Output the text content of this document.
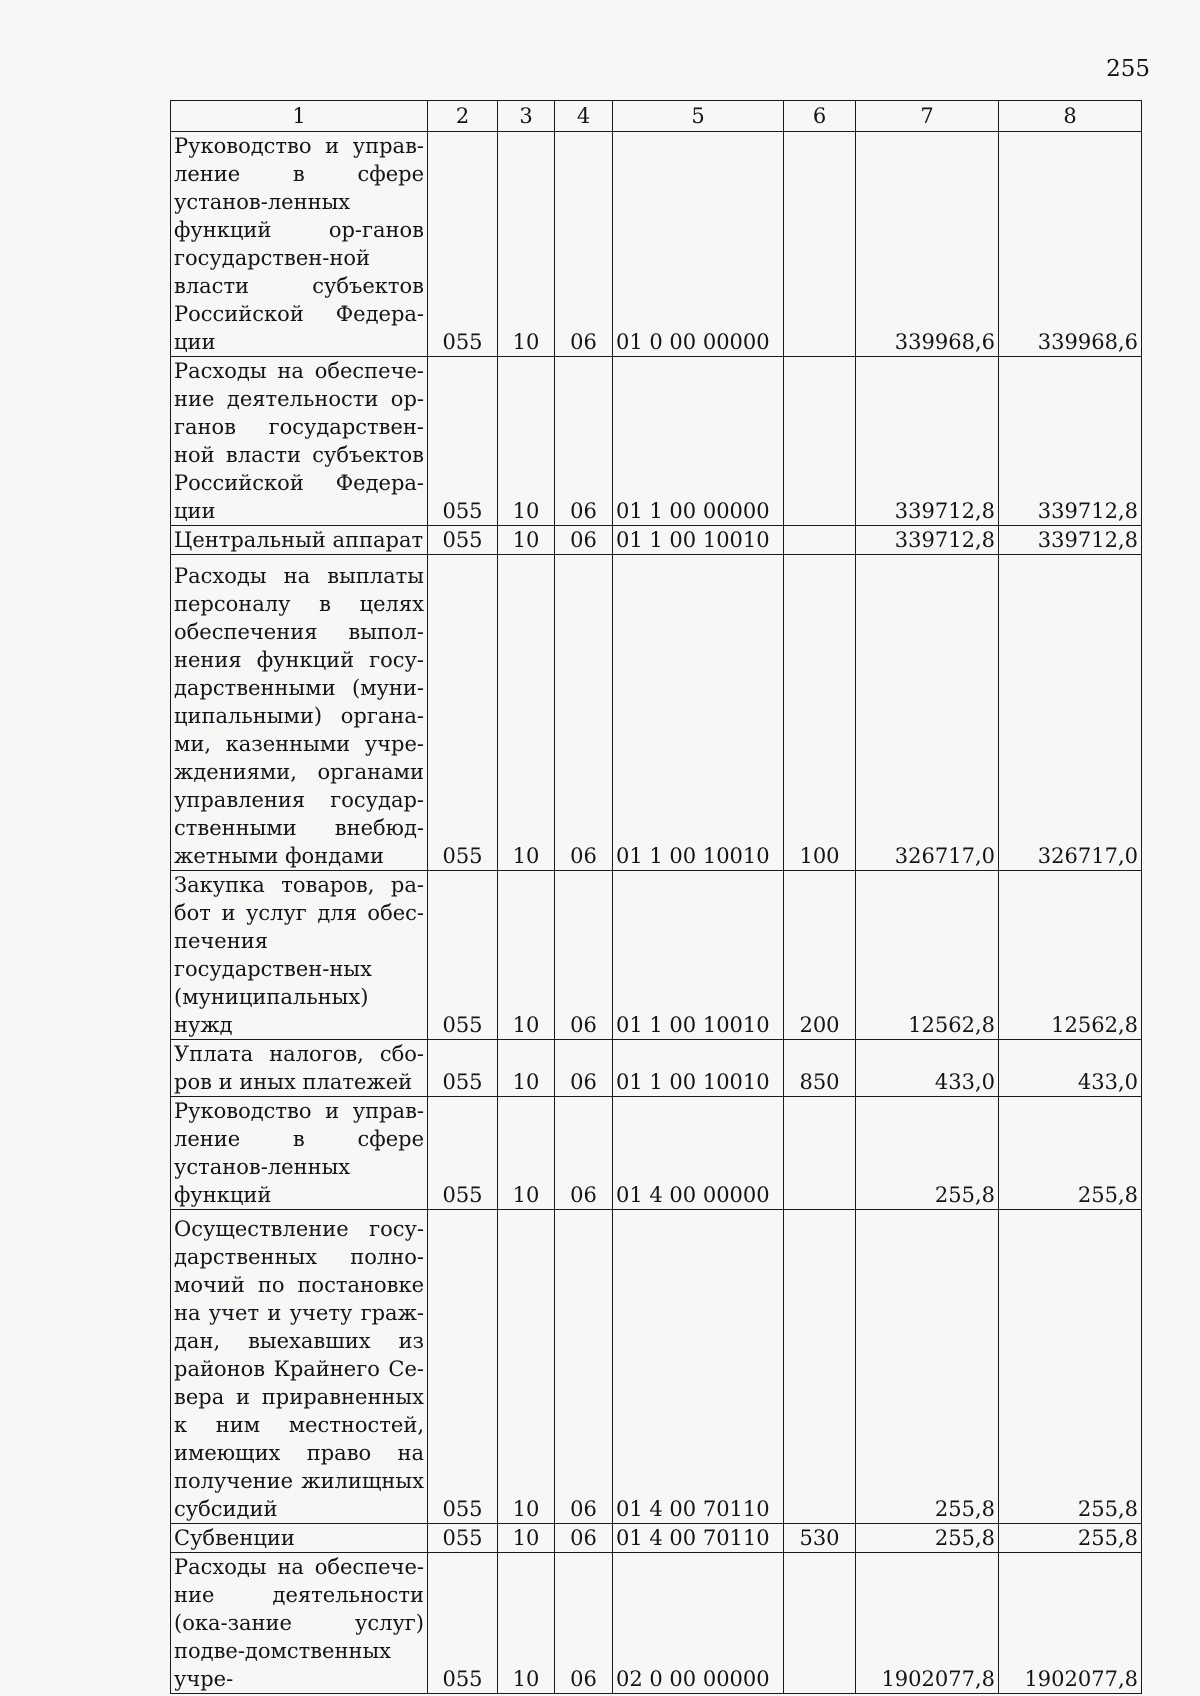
255
1	2	3	4	5	6	7	8
Руководство и управ-ление в сфере установ-ленных функций ор-ганов государствен-ной власти субъектов Российской Федера-ции	055	10	06	01 0 00 00000		339968,6	339968,6
Расходы на обеспече-ние деятельности ор-ганов государствен-ной власти субъектов Российской Федера-ции	055	10	06	01 1 00 00000		339712,8	339712,8
Центральный аппарат	055	10	06	01 1 00 10010		339712,8	339712,8
Расходы на выплаты персоналу в целях обеспечения выпол-нения функций госу-дарственными (муни-ципальными) органа-ми, казенными учре-ждениями, органами управления государ-ственными внебюд-жетными фондами	055	10	06	01 1 00 10010	100	326717,0	326717,0
Закупка товаров, ра-бот и услуг для обес-печения государствен-ных (муниципальных) нужд	055	10	06	01 1 00 10010	200	12562,8	12562,8
Уплата налогов, сбо-ров и иных платежей	055	10	06	01 1 00 10010	850	433,0	433,0
Руководство и управ-ление в сфере установ-ленных функций	055	10	06	01 4 00 00000		255,8	255,8
Осуществление госу-дарственных полно-мочий по постановке на учет и учету граж-дан, выехавших из районов Крайнего Се-вера и приравненных к ним местностей, имеющих право на получение жилищных субсидий	055	10	06	01 4 00 70110		255,8	255,8
Субвенции	055	10	06	01 4 00 70110	530	255,8	255,8
Расходы на обеспече-ние деятельности (ока-зание услуг) подве-домственных учре-	055	10	06	02 0 00 00000		1902077,8	1902077,8
